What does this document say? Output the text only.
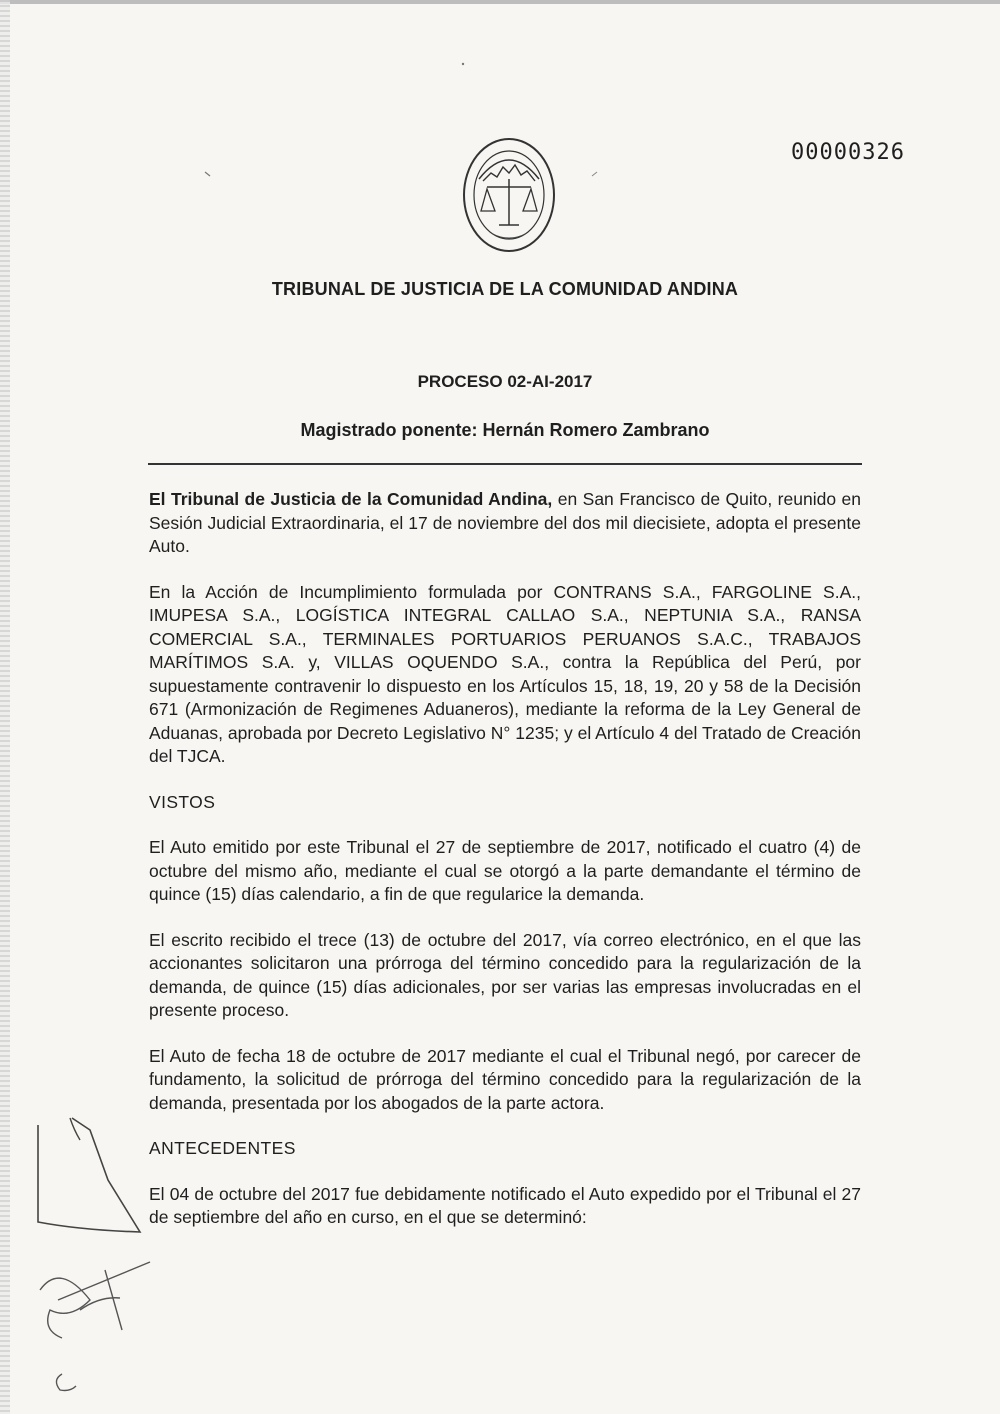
00000326
TRIBUNAL DE JUSTICIA DE LA COMUNIDAD ANDINA
PROCESO 02-AI-2017
Magistrado ponente: Hernán Romero Zambrano

El Tribunal de Justicia de la Comunidad Andina, en San Francisco de Quito, reunido en Sesión Judicial Extraordinaria, el 17 de noviembre del dos mil diecisiete, adopta el presente Auto.

En la Acción de Incumplimiento formulada por CONTRANS S.A., FARGOLINE S.A., IMUPESA S.A., LOGÍSTICA INTEGRAL CALLAO S.A., NEPTUNIA S.A., RANSA COMERCIAL S.A., TERMINALES PORTUARIOS PERUANOS S.A.C., TRABAJOS MARÍTIMOS S.A. y, VILLAS OQUENDO S.A., contra la República del Perú, por supuestamente contravenir lo dispuesto en los Artículos 15, 18, 19, 20 y 58 de la Decisión 671 (Armonización de Regimenes Aduaneros), mediante la reforma de la Ley General de Aduanas, aprobada por Decreto Legislativo N° 1235; y el Artículo 4 del Tratado de Creación del TJCA.

VISTOS

El Auto emitido por este Tribunal el 27 de septiembre de 2017, notificado el cuatro (4) de octubre del mismo año, mediante el cual se otorgó a la parte demandante el término de quince (15) días calendario, a fin de que regularice la demanda.

El escrito recibido el trece (13) de octubre del 2017, vía correo electrónico, en el que las accionantes solicitaron una prórroga del término concedido para la regularización de la demanda, de quince (15) días adicionales, por ser varias las empresas involucradas en el presente proceso.

El Auto de fecha 18 de octubre de 2017 mediante el cual el Tribunal negó, por carecer de fundamento, la solicitud de prórroga del término concedido para la regularización de la demanda, presentada por los abogados de la parte actora.

ANTECEDENTES

El 04 de octubre del 2017 fue debidamente notificado el Auto expedido por el Tribunal el 27 de septiembre del año en curso, en el que se determinó:
